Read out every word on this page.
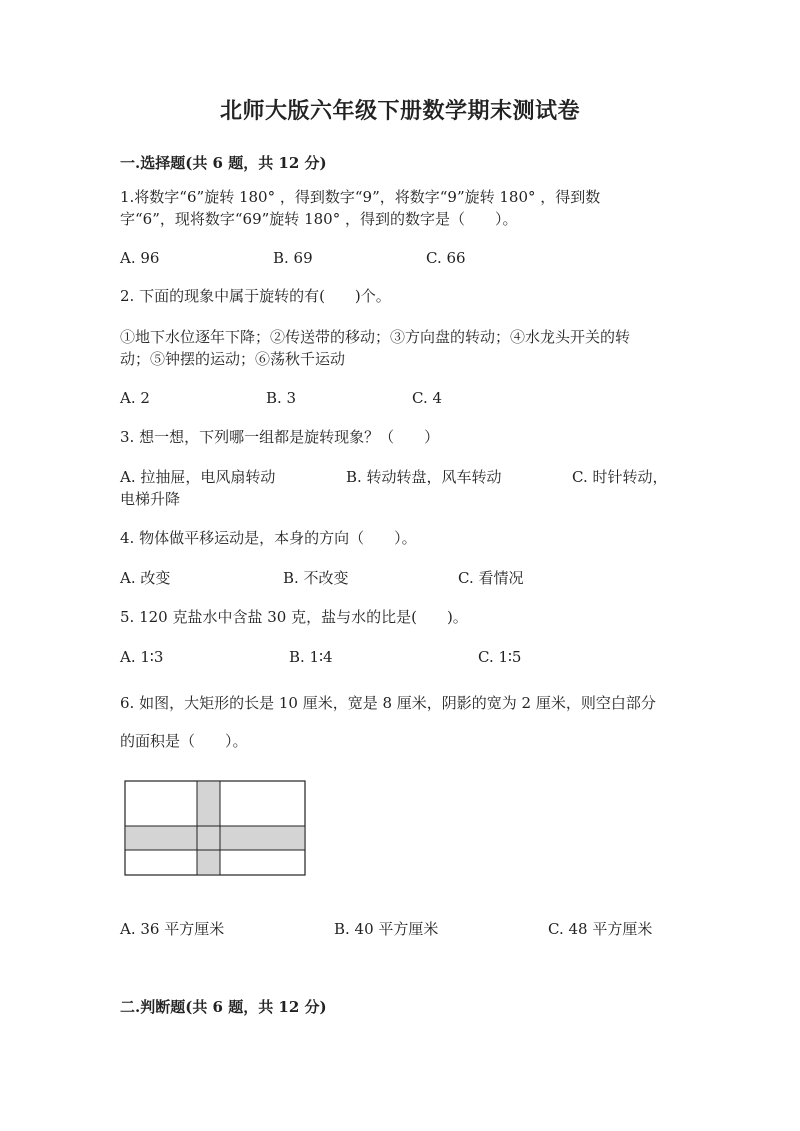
北师大版六年级下册数学期末测试卷
一.选择题(共 6 题，共 12 分)
1.将数字“6”旋转 180° ，得到数字“9”，将数字“9”旋转 180° ，得到数
字“6”，现将数字“69”旋转 180° ，得到的数字是（　　）。
A. 96	B. 69	C. 66
2. 下面的现象中属于旋转的有(　　)个。
①地下水位逐年下降；②传送带的移动；③方向盘的转动；④水龙头开关的转
动；⑤钟摆的运动；⑥荡秋千运动
A. 2	B. 3	C. 4
3. 想一想，下列哪一组都是旋转现象？（　　）
A. 拉抽屉，电风扇转动	B. 转动转盘，风车转动	C. 时针转动，
电梯升降
4. 物体做平移运动是，本身的方向（　　）。
A. 改变	B. 不改变	C. 看情况
5. 120 克盐水中含盐 30 克，盐与水的比是(　　)。
A. 1∶3	B. 1∶4	C. 1∶5
6. 如图，大矩形的长是 10 厘米，宽是 8 厘米，阴影的宽为 2 厘米，则空白部分
的面积是（　　）。
A. 36 平方厘米	B. 40 平方厘米	C. 48 平方厘米
二.判断题(共 6 题，共 12 分)
